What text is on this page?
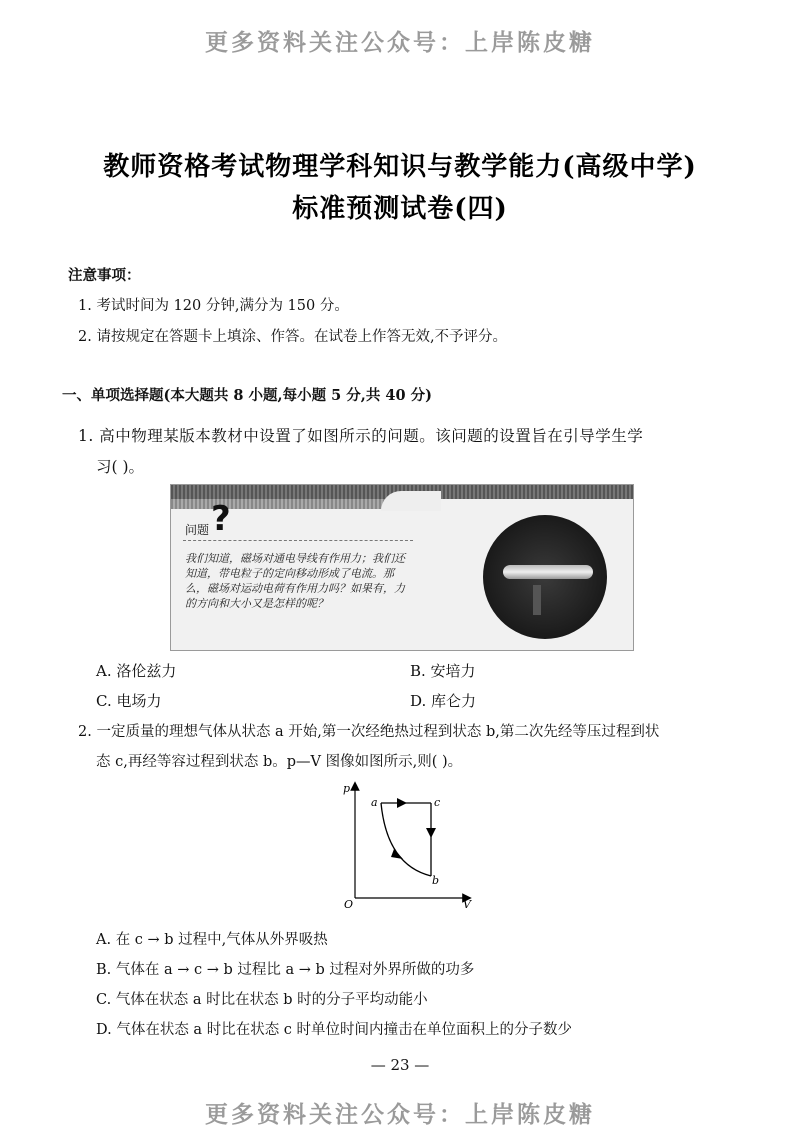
更多资料关注公众号：上岸陈皮糖
教师资格考试物理学科知识与教学能力(高级中学)
标准预测试卷(四)
注意事项：
1. 考试时间为 120 分钟,满分为 150 分。
2. 请按规定在答题卡上填涂、作答。在试卷上作答无效,不予评分。
一、单项选择题(本大题共 8 小题,每小题 5 分,共 40 分)
1. 高中物理某版本教材中设置了如图所示的问题。该问题的设置旨在引导学生学
习( )。
?
问题
我们知道，磁场对通电导线有作用力；我们还知道，带电粒子的定向移动形成了电流。那么，磁场对运动电荷有作用力吗？如果有，力的方向和大小又是怎样的呢？
A. 洛伦兹力	B. 安培力
C. 电场力	D. 库仑力
2. 一定质量的理想气体从状态 a 开始,第一次经绝热过程到状态 b,第二次先经等压过程到状
态 c,再经等容过程到状态 b。p—V 图像如图所示,则( )。
p
a	c
b
O	V
A. 在 c → b 过程中,气体从外界吸热
B. 气体在 a → c → b 过程比 a → b 过程对外界所做的功多
C. 气体在状态 a 时比在状态 b 时的分子平均动能小
D. 气体在状态 a 时比在状态 c 时单位时间内撞击在单位面积上的分子数少
— 23 —
更多资料关注公众号：上岸陈皮糖
